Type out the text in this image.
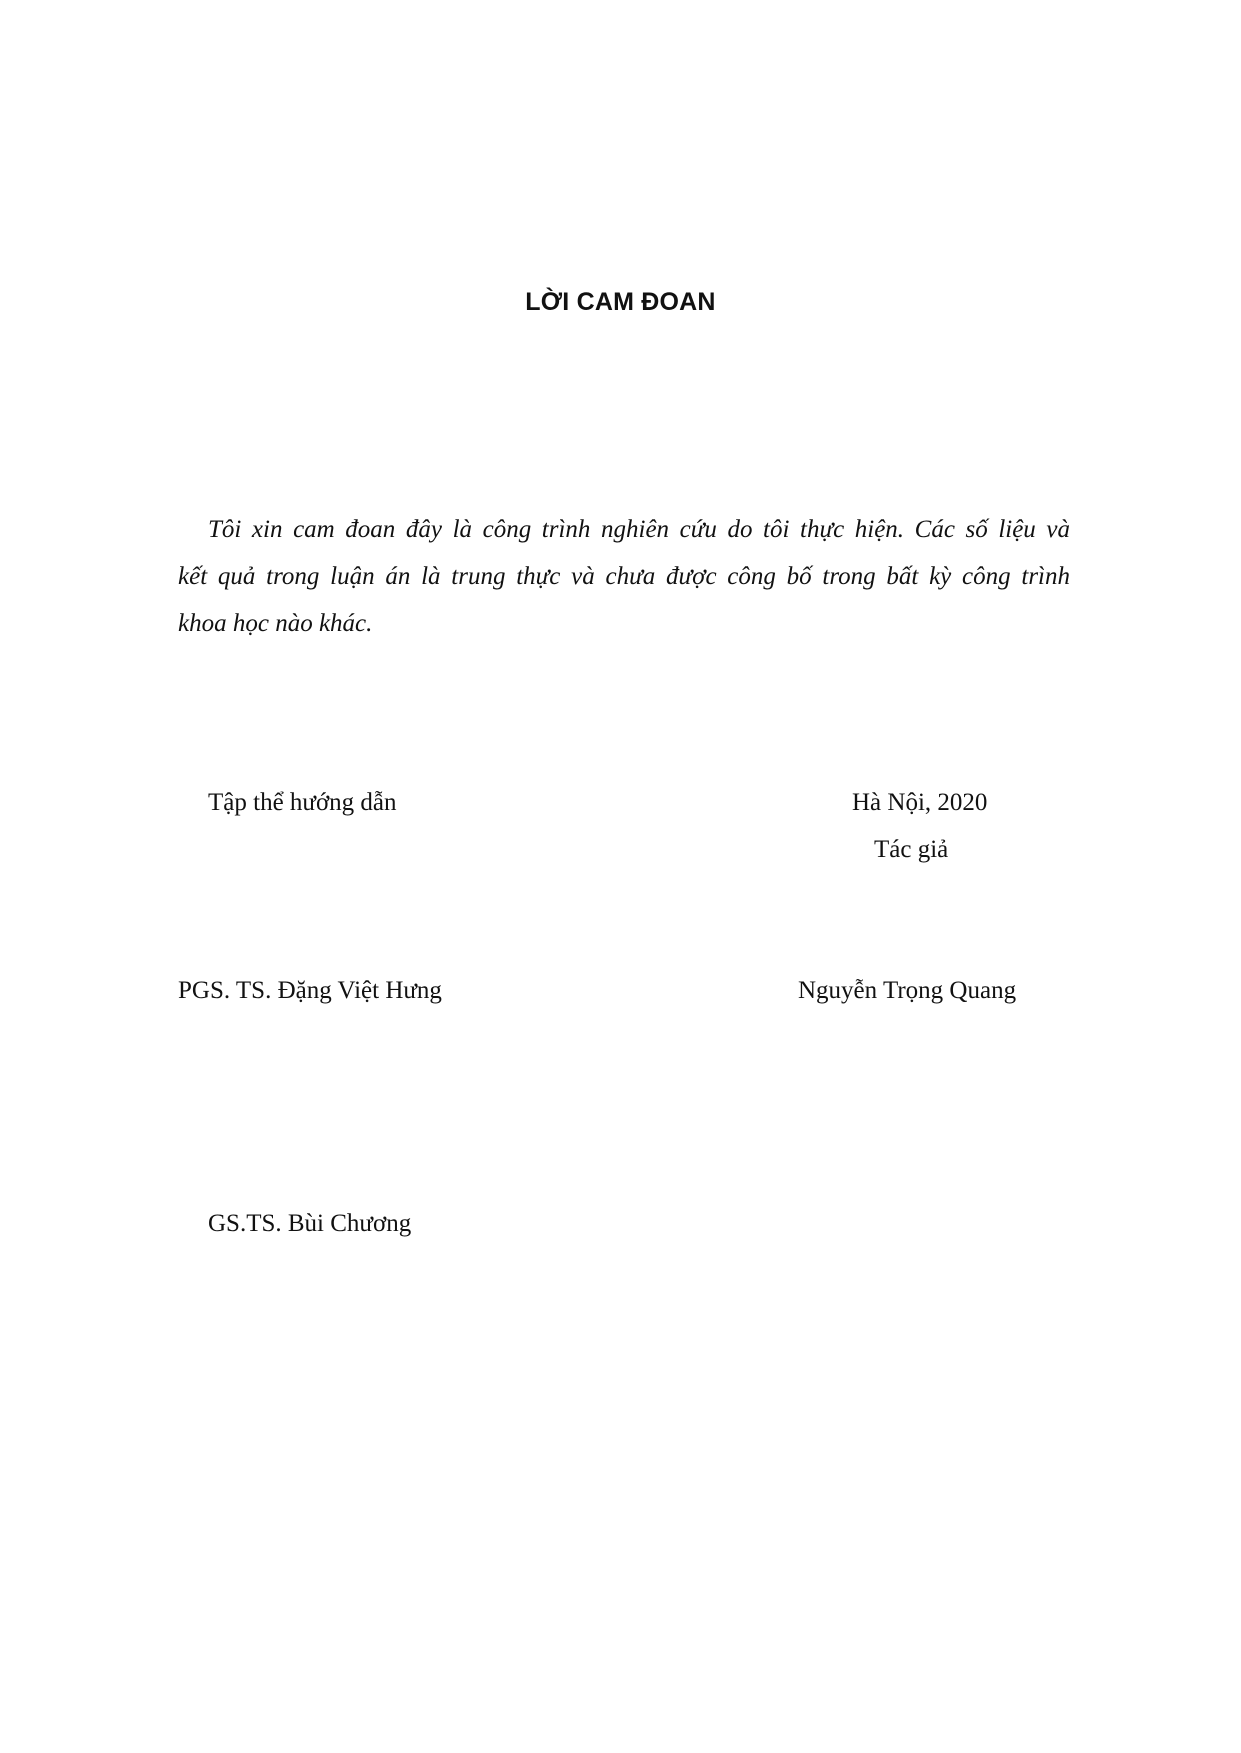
LỜI CAM ĐOAN
Tôi xin cam đoan đây là công trình nghiên cứu do tôi thực hiện. Các số liệu và
kết quả trong luận án là trung thực và chưa được công bố trong bất kỳ công trình
khoa học nào khác.
Tập thể hướng dẫn	Hà Nội, 2020
Tác giả
PGS. TS. Đặng Việt Hưng	Nguyễn Trọng Quang
GS.TS. Bùi Chương
